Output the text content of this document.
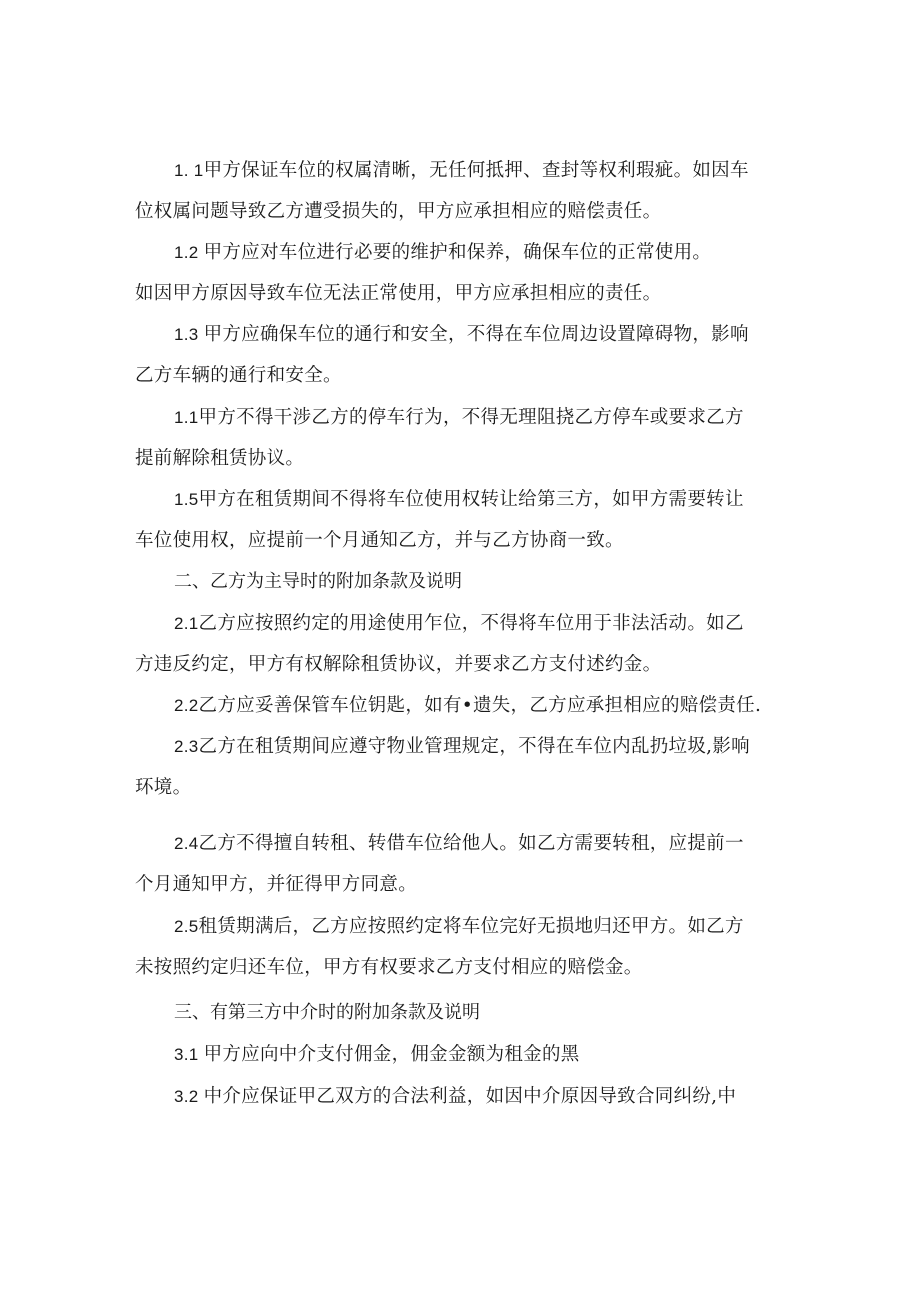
1. 1甲方保证车位的权属清晰，无任何抵押、查封等权利瑕疵。如因车
位权属问题导致乙方遭受损失的，甲方应承担相应的赔偿责任。

1.2 甲方应对车位进行必要的维护和保养，确保车位的正常使用。
如因甲方原因导致车位无法正常使用，甲方应承担相应的责任。

1.3 甲方应确保车位的通行和安全，不得在车位周边设置障碍物，影响
乙方车辆的通行和安全。

1.1甲方不得干涉乙方的停车行为，不得无理阻挠乙方停车或要求乙方
提前解除租赁协议。

1.5甲方在租赁期间不得将车位使用权转让给第三方，如甲方需要转让
车位使用权，应提前一个月通知乙方，并与乙方协商一致。

二、乙方为主导时的附加条款及说明

2.1乙方应按照约定的用途使用乍位，不得将车位用于非法活动。如乙
方违反约定，甲方有权解除租赁协议，并要求乙方支付述约金。

2.2乙方应妥善保管车位钥匙，如有•遗失，乙方应承担相应的赔偿责任.

2.3乙方在租赁期间应遵守物业管理规定，不得在车位内乱扔垃圾,影响
环境。

2.4乙方不得擅自转租、转借车位给他人。如乙方需要转租，应提前一
个月通知甲方，并征得甲方同意。

2.5租赁期满后，乙方应按照约定将车位完好无损地归还甲方。如乙方
未按照约定归还车位，甲方有权要求乙方支付相应的赔偿金。

三、有第三方中介时的附加条款及说明

3.1 甲方应向中介支付佣金，佣金金额为租金的黑

3.2 中介应保证甲乙双方的合法利益，如因中介原因导致合同纠纷,中
